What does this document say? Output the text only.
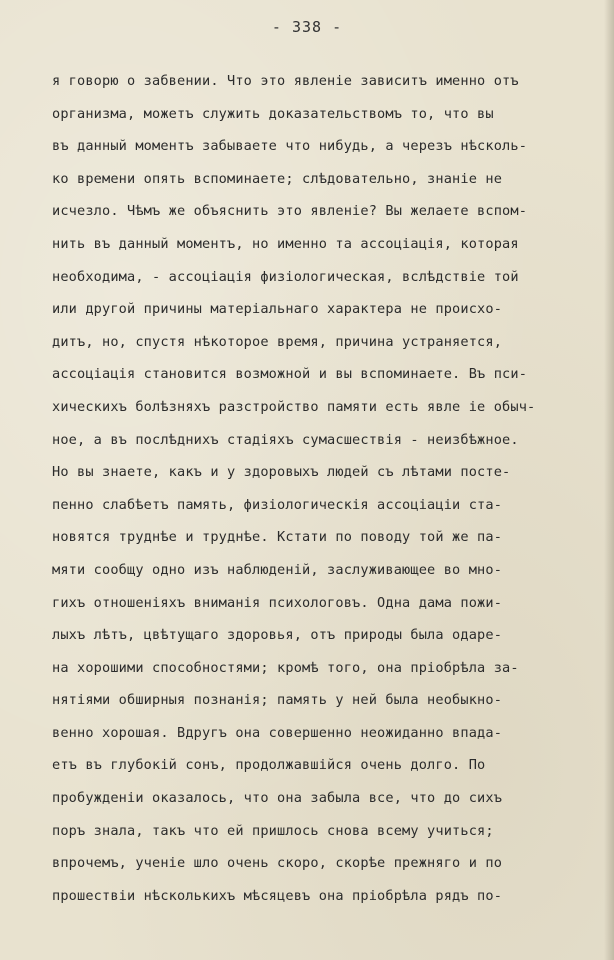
- 338 -
я говорю о забвении. Что это явленіе зависитъ именно отъ
организма, можетъ служить доказательствомъ то, что вы
въ данный моментъ забываете что нибудь, а черезъ нѣсколь-
ко времени опять вспоминаете; слѣдовательно, знаніе не
исчезло. Чѣмъ же объяснить это явленіе? Вы желаете вспом-
нить въ данный моментъ, но именно та ассоціація, которая
необходима, - ассоціація физіологическая, вслѣдствіе той
или другой причины матеріальнаго характера не происхо-
дитъ, но, спустя нѣкоторое время, причина устраняется,
ассоціація становится возможной и вы вспоминаете. Въ пси-
хическихъ болѣзняхъ разстройство памяти есть явле іе обыч-
ное, а въ послѣднихъ стадіяхъ сумасшествія - неизбѣжное.
Но вы знаете, какъ и у здоровыхъ людей съ лѣтами посте-
пенно слабѣетъ память, физіологическія ассоціаціи ста-
новятся труднѣе и труднѣе. Кстати по поводу той же па-
мяти сообщу одно изъ наблюденій, заслуживающее во мно-
гихъ отношеніяхъ вниманія психологовъ. Одна дама пожи-
лыхъ лѣтъ, цвѣтущаго здоровья, отъ природы была одаре-
на хорошими способностями; кромѣ того, она пріобрѣла за-
нятіями обширныя познанія; память у ней была необыкно-
венно хорошая. Вдругъ она совершенно неожиданно впада-
етъ въ глубокій сонъ, продолжавшійся очень долго. По
пробужденіи оказалось, что она забыла все, что до сихъ
поръ знала, такъ что ей пришлось снова всему учиться;
впрочемъ, ученіе шло очень скоро, скорѣе прежняго и по
прошествіи нѣсколькихъ мѣсяцевъ она пріобрѣла рядъ по-
